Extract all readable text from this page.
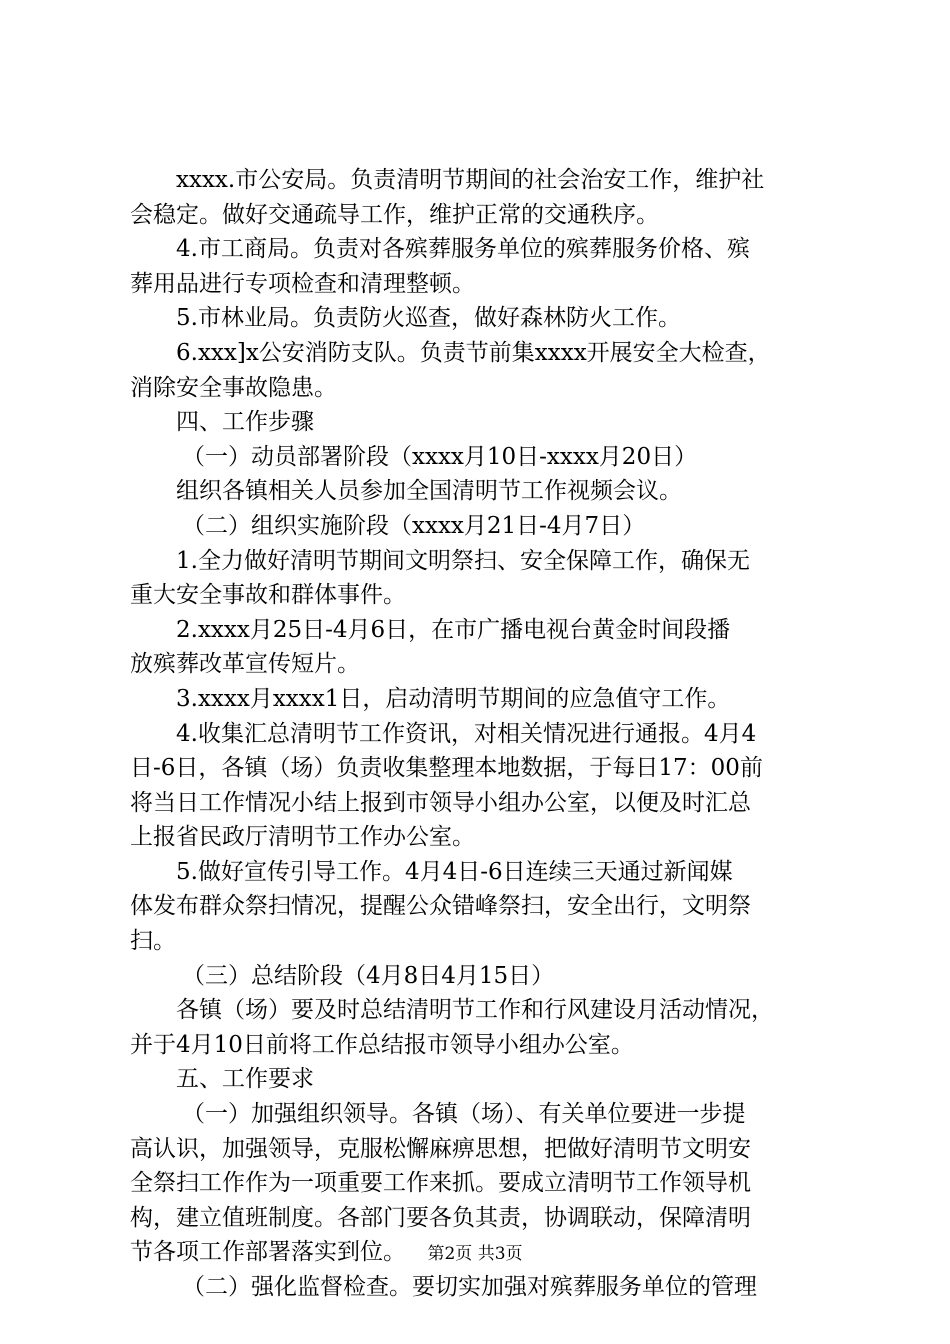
xxxx.市公安局。负责清明节期间的社会治安工作，维护社
会稳定。做好交通疏导工作，维护正常的交通秩序。
4.市工商局。负责对各殡葬服务单位的殡葬服务价格、殡
葬用品进行专项检查和清理整顿。
5.市林业局。负责防火巡查，做好森林防火工作。
6.xxx]x公安消防支队。负责节前集xxxx开展安全大检查，
消除安全事故隐患。
四、工作步骤
（一）动员部署阶段（xxxx月10日-xxxx月20日）
组织各镇相关人员参加全国清明节工作视频会议。
（二）组织实施阶段（xxxx月21日-4月7日）
1.全力做好清明节期间文明祭扫、安全保障工作，确保无
重大安全事故和群体事件。
2.xxxx月25日-4月6日，在市广播电视台黄金时间段播
放殡葬改革宣传短片。
3.xxxx月xxxx1日，启动清明节期间的应急值守工作。
4.收集汇总清明节工作资讯，对相关情况进行通报。4月4
日-6日，各镇（场）负责收集整理本地数据，于每日17：00前
将当日工作情况小结上报到市领导小组办公室，以便及时汇总
上报省民政厅清明节工作办公室。
5.做好宣传引导工作。4月4日-6日连续三天通过新闻媒
体发布群众祭扫情况，提醒公众错峰祭扫，安全出行，文明祭
扫。
（三）总结阶段（4月8日4月15日）
各镇（场）要及时总结清明节工作和行风建设月活动情况，
并于4月10日前将工作总结报市领导小组办公室。
五、工作要求
（一）加强组织领导。各镇（场）、有关单位要进一步提
高认识，加强领导，克服松懈麻痹思想，把做好清明节文明安
全祭扫工作作为一项重要工作来抓。要成立清明节工作领导机
构，建立值班制度。各部门要各负其责，协调联动，保障清明
节各项工作部署落实到位。
（二）强化监督检查。要切实加强对殡葬服务单位的管理
第2页 共3页
